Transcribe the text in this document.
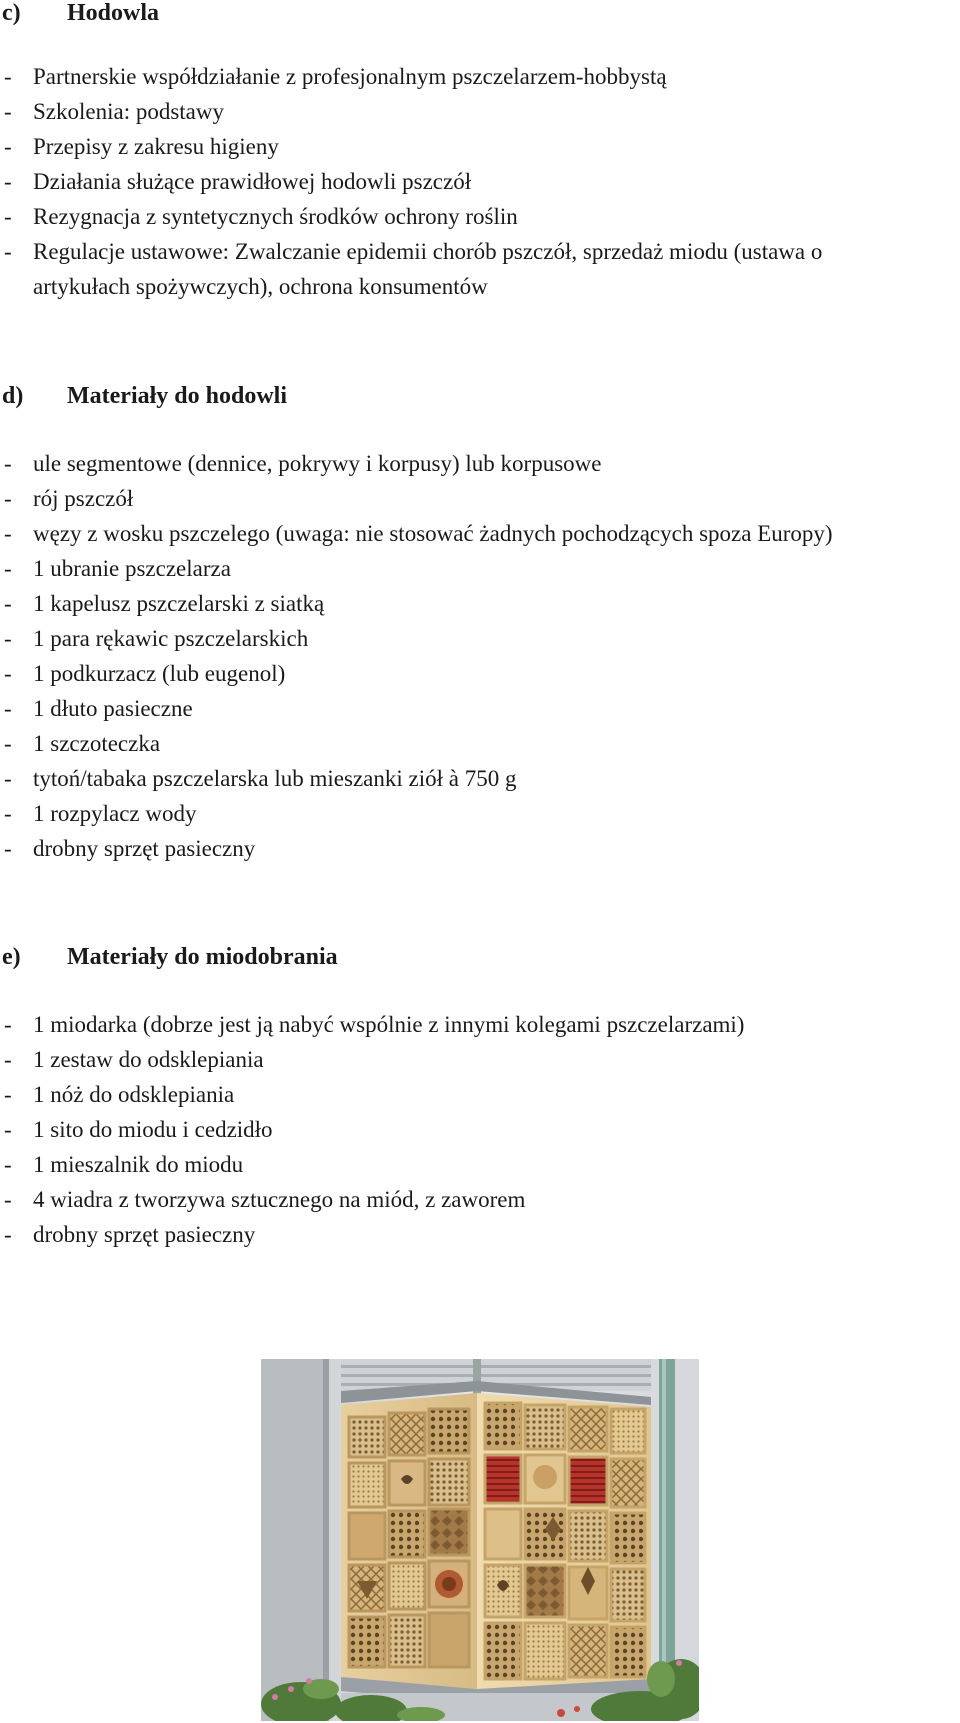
c) Hodowla
- Partnerskie współdziałanie z profesjonalnym pszczelarzem-hobbystą
- Szkolenia: podstawy
- Przepisy z zakresu higieny
- Działania służące prawidłowej hodowli pszczół
- Rezygnacja z syntetycznych środków ochrony roślin
- Regulacje ustawowe: Zwalczanie epidemii chorób pszczół, sprzedaż miodu (ustawa o artykułach spożywczych), ochrona konsumentów
d) Materiały do hodowli
- ule segmentowe (dennice, pokrywy i korpusy) lub korpusowe
- rój pszczół
- węzy z wosku pszczelego (uwaga: nie stosować żadnych pochodzących spoza Europy)
- 1 ubranie pszczelarza
- 1 kapelusz pszczelarski z siatką
- 1 para rękawic pszczelarskich
- 1 podkurzacz (lub eugenol)
- 1 dłuto pasieczne
- 1 szczoteczka
- tytoń/tabaka pszczelarska lub mieszanki ziół à 750 g
- 1 rozpylacz wody
- drobny sprzęt pasieczny
e) Materiały do miodobrania
- 1 miodarka (dobrze jest ją nabyć wspólnie z innymi kolegami pszczelarzami)
- 1 zestaw do odsklepiania
- 1 nóż do odsklepiania
- 1 sito do miodu i cedzidło
- 1 mieszalnik do miodu
- 4 wiadra z tworzywa sztucznego na miód, z zaworem
- drobny sprzęt pasieczny
